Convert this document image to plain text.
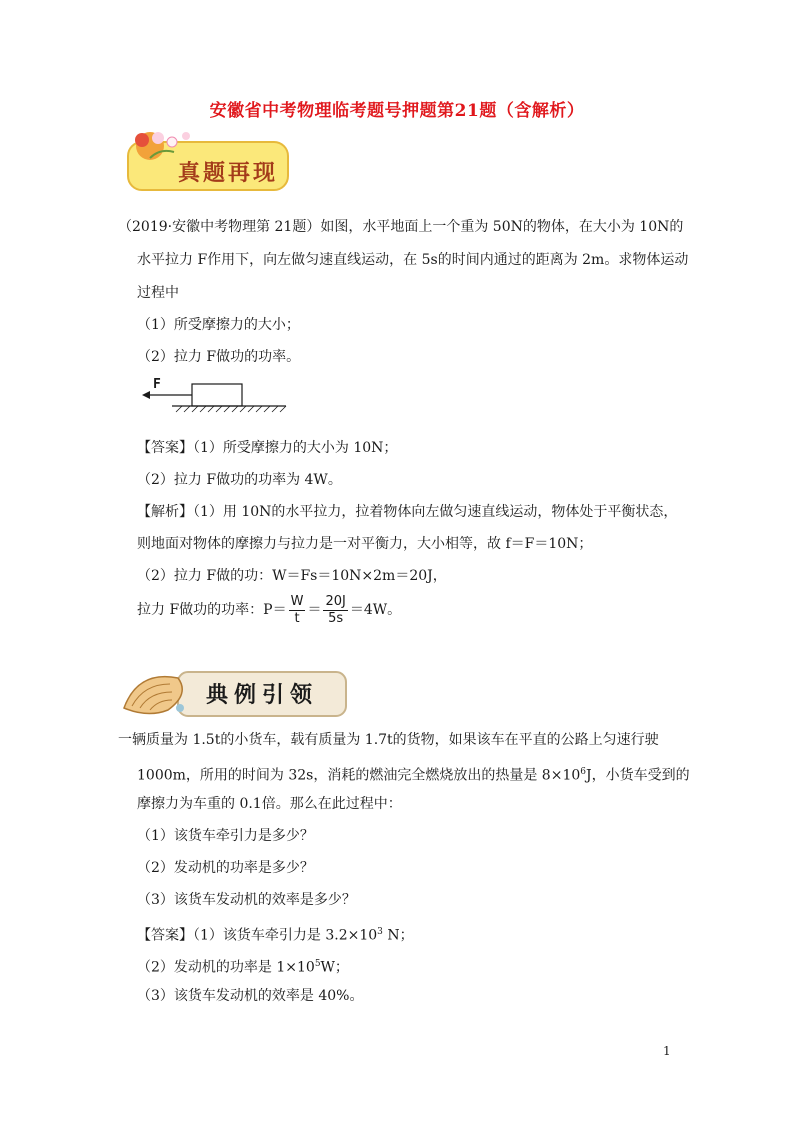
安徽省中考物理临考题号押题第21题（含解析）
真题再现
（2019·安徽中考物理第 21题）如图，水平地面上一个重为 50N的物体，在大小为 10N的
水平拉力 F作用下，向左做匀速直线运动，在 5s的时间内通过的距离为 2m。求物体运动
过程中
（1）所受摩擦力的大小；
（2）拉力 F做功的功率。
F
【答案】（1）所受摩擦力的大小为 10N；
（2）拉力 F做功的功率为 4W。
【解析】（1）用 10N的水平拉力，拉着物体向左做匀速直线运动，物体处于平衡状态，
则地面对物体的摩擦力与拉力是一对平衡力，大小相等，故 f＝F＝10N；
（2）拉力 F做的功：W＝Fs＝10N×2m＝20J，
拉力 F做功的功率：$P= \frac{W}{t} = \frac{20J}{5s} =4W$。
典例引领
一辆质量为 1.5t的小货车，载有质量为 1.7t的货物，如果该车在平直的公路上匀速行驶
1000m，所用的时间为 32s，消耗的燃油完全燃烧放出的热量是 $8\times 10^6J$，小货车受到的
摩擦力为车重的 0.1倍。那么在此过程中：
（1）该货车牵引力是多少？
（2）发动机的功率是多少？
（3）该货车发动机的效率是多少？
【答案】（1）该货车牵引力是 $3.2\times 10^3$ N；
（2）发动机的功率是 $1\times 10^5W$；
（3）该货车发动机的效率是 40%。
1
